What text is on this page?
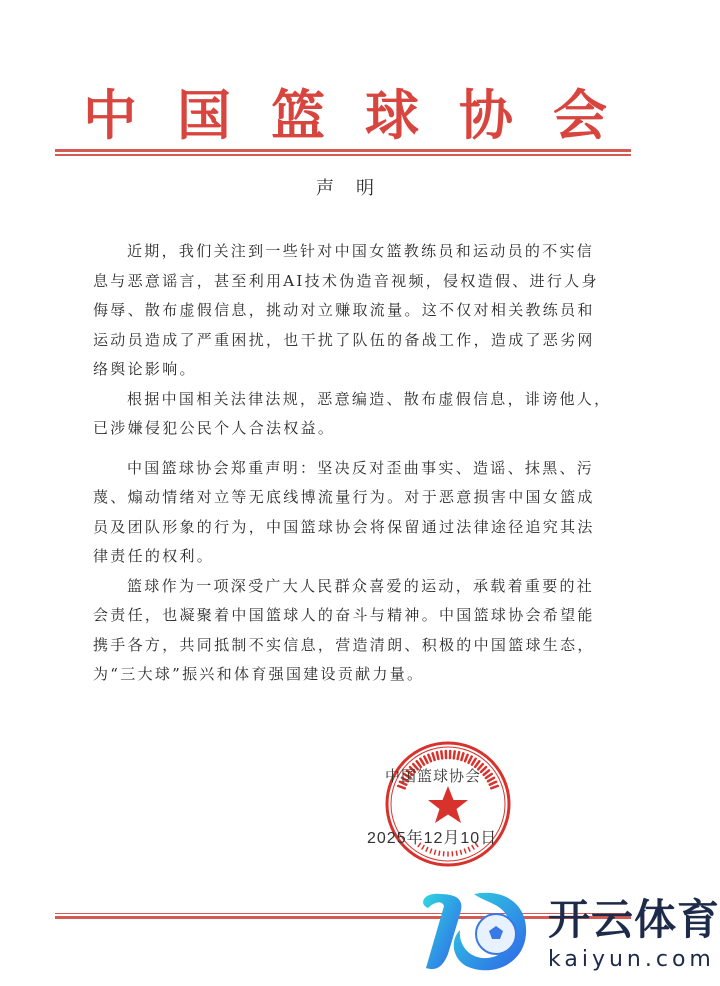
中国篮球协会
声明
近期，我们关注到一些针对中国女篮教练员和运动员的不实信
息与恶意谣言，甚至利用AI技术伪造音视频，侵权造假、进行人身
侮辱、散布虚假信息，挑动对立赚取流量。这不仅对相关教练员和
运动员造成了严重困扰，也干扰了队伍的备战工作，造成了恶劣网
络舆论影响。
根据中国相关法律法规，恶意编造、散布虚假信息，诽谤他人，
已涉嫌侵犯公民个人合法权益。
中国篮球协会郑重声明：坚决反对歪曲事实、造谣、抹黑、污
蔑、煽动情绪对立等无底线博流量行为。对于恶意损害中国女篮成
员及团队形象的行为，中国篮球协会将保留通过法律途径追究其法
律责任的权利。
篮球作为一项深受广大人民群众喜爱的运动，承载着重要的社
会责任，也凝聚着中国篮球人的奋斗与精神。中国篮球协会希望能
携手各方，共同抵制不实信息，营造清朗、积极的中国篮球生态，
为“三大球”振兴和体育强国建设贡献力量。
中国篮球协会
2025年12月10日
开云体育
kaiyun.com
